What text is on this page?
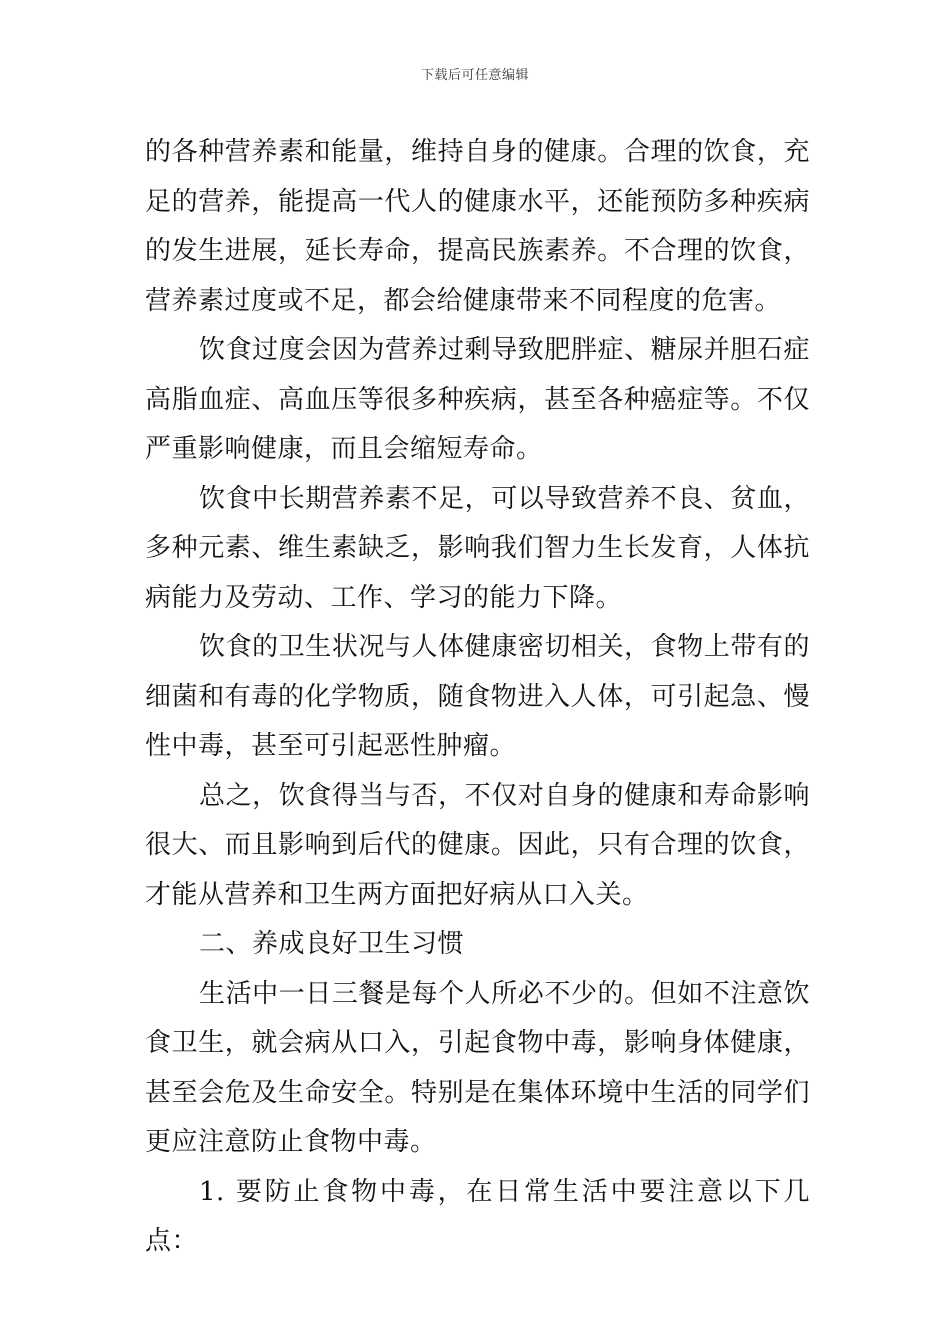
下载后可任意编辑

的各种营养素和能量，维持自身的健康。合理的饮食，充足的营养，能提高一代人的健康水平，还能预防多种疾病的发生进展，延长寿命，提高民族素养。不合理的饮食，营养素过度或不足，都会给健康带来不同程度的危害。

饮食过度会因为营养过剩导致肥胖症、糖尿并胆石症高脂血症、高血压等很多种疾病，甚至各种癌症等。不仅严重影响健康，而且会缩短寿命。

饮食中长期营养素不足，可以导致营养不良、贫血，多种元素、维生素缺乏，影响我们智力生长发育，人体抗病能力及劳动、工作、学习的能力下降。

饮食的卫生状况与人体健康密切相关，食物上带有的细菌和有毒的化学物质，随食物进入人体，可引起急、慢性中毒，甚至可引起恶性肿瘤。

总之，饮食得当与否，不仅对自身的健康和寿命影响很大、而且影响到后代的健康。因此，只有合理的饮食，才能从营养和卫生两方面把好病从口入关。

二、养成良好卫生习惯

生活中一日三餐是每个人所必不少的。但如不注意饮食卫生，就会病从口入，引起食物中毒，影响身体健康，甚至会危及生命安全。特别是在集体环境中生活的同学们更应注意防止食物中毒。

1. 要防止食物中毒，在日常生活中要注意以下几点：
